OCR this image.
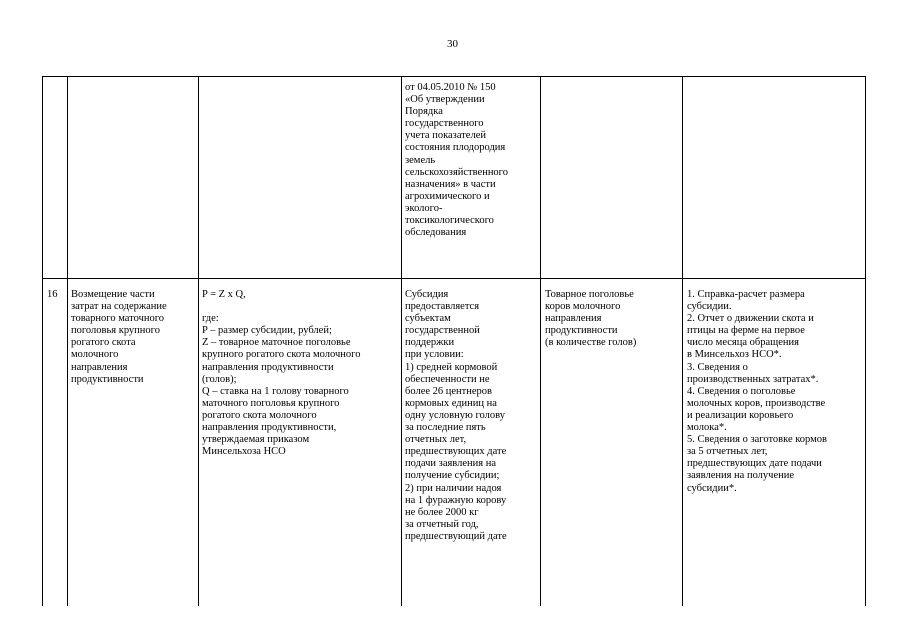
30
от 04.05.2010 № 150
«Об утверждении
Порядка
государственного
учета показателей
состояния плодородия
земель
сельскохозяйственного
назначения» в части
агрохимического и
эколого-
токсикологического
обследования
16	Возмещение части
затрат на содержание
товарного маточного
поголовья крупного
рогатого скота
молочного
направления
продуктивности
P = Z x Q,

где:
P – размер субсидии, рублей;
Z – товарное маточное поголовье
крупного рогатого скота молочного
направления продуктивности
(голов);
Q – ставка на 1 голову товарного
маточного поголовья крупного
рогатого скота молочного
направления продуктивности,
утверждаемая приказом
Минсельхоза НСО
Субсидия
предоставляется
субъектам
государственной
поддержки
при условии:
1) средней кормовой
обеспеченности не
более 26 центнеров
кормовых единиц на
одну условную голову
за последние пять
отчетных лет,
предшествующих дате
подачи заявления на
получение субсидии;
2) при наличии надоя
на 1 фуражную корову
не более 2000 кг
за отчетный год,
предшествующий дате
Товарное поголовье
коров молочного
направления
продуктивности
(в количестве голов)
1. Справка-расчет размера
субсидии.
2. Отчет о движении скота и
птицы на ферме на первое
число месяца обращения
в Минсельхоз НСО*.
3. Сведения о
производственных затратах*.
4. Сведения о поголовье
молочных коров, производстве
и реализации коровьего
молока*.
5. Сведения о заготовке кормов
за 5 отчетных лет,
предшествующих дате подачи
заявления на получение
субсидии*.
